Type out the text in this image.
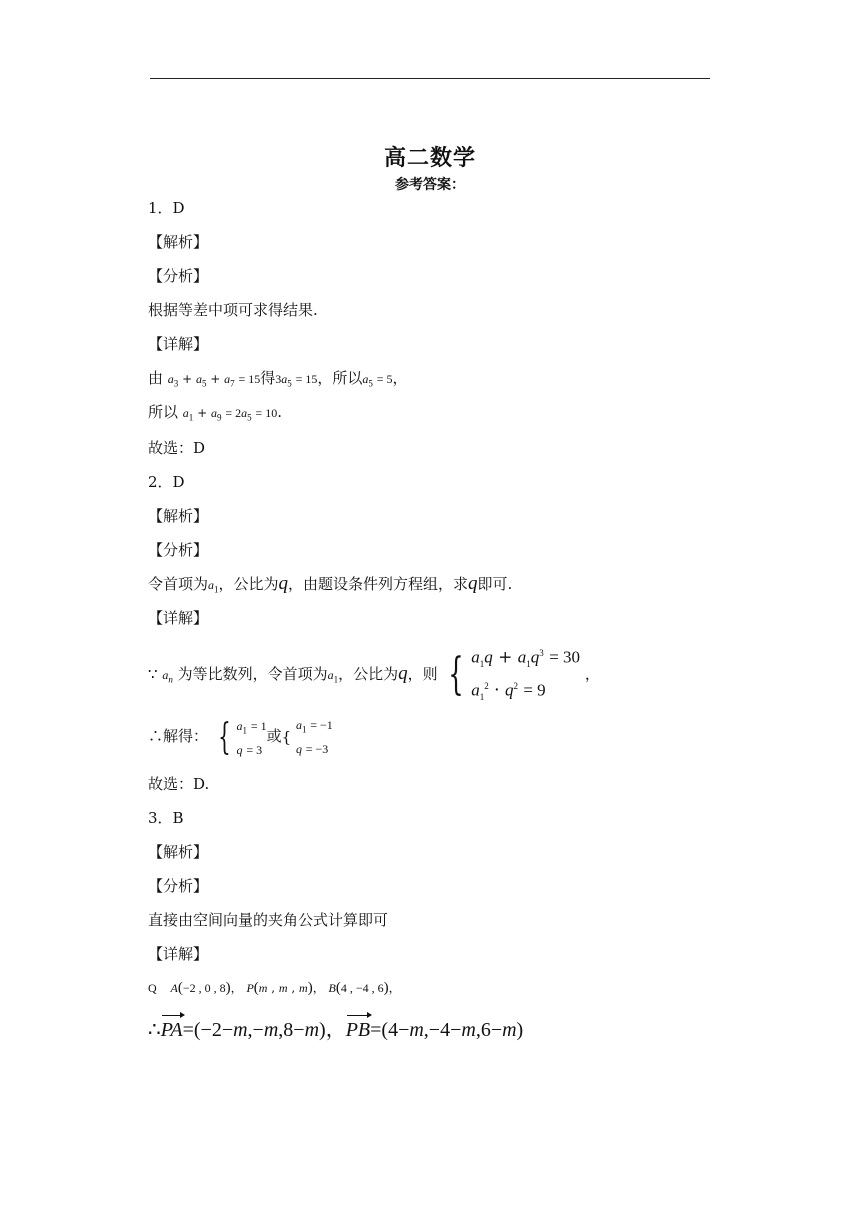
高二数学
参考答案：
1．D
【解析】
【分析】
根据等差中项可求得结果.
【详解】
由 $a_3 + a_5 + a_7 = 15$得$3a_5 = 15$，所以$a_5 = 5$，
所以 $a_1 + a_9 = 2a_5 = 10$.
故选：D
2．D
【解析】
【分析】
令首项为$a_1$，公比为q，由题设条件列方程组，求q即可.
【详解】
∵ $a_n$ 为等比数列，令首项为$a_1$，公比为q，则 { $a_1q + a_1q^3 = 30$
$a_1^2 \cdot q^2 = 9$
，
∴解得： { $a_1 = 1$
q = 3
或{
$a_1 = -1$
q = −3
故选：D.
3．B
【解析】
【分析】
直接由空间向量的夹角公式计算即可
【详解】
Q A(−2 , 0 , 8)， P(m , m , m)， B(4 , −4 , 6)，
∴PA=(−2−m,−m,8−m)，PB=(4−m,−4−m,6−m)
